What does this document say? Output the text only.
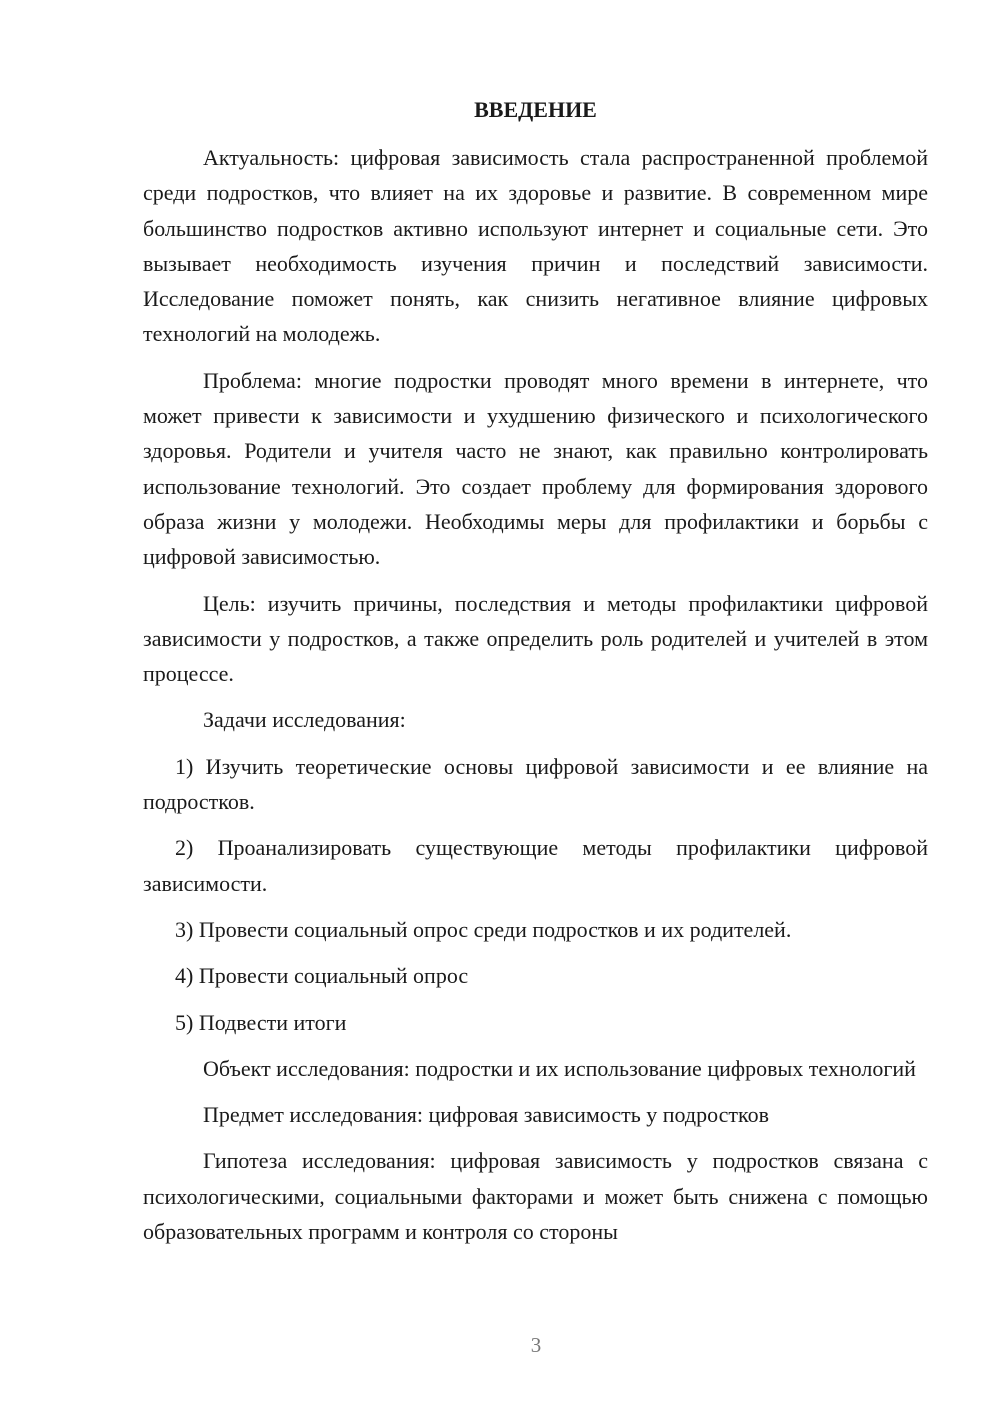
ВВЕДЕНИЕ

Актуальность: цифровая зависимость стала распространенной проблемой среди подростков, что влияет на их здоровье и развитие. В современном мире большинство подростков активно используют интернет и социальные сети. Это вызывает необходимость изучения причин и последствий зависимости. Исследование поможет понять, как снизить негативное влияние цифровых технологий на молодежь.

Проблема: многие подростки проводят много времени в интернете, что может привести к зависимости и ухудшению физического и психологического здоровья. Родители и учителя часто не знают, как правильно контролировать использование технологий. Это создает проблему для формирования здорового образа жизни у молодежи. Необходимы меры для профилактики и борьбы с цифровой зависимостью.

Цель: изучить причины, последствия и методы профилактики цифровой зависимости у подростков, а также определить роль родителей и учителей в этом процессе.

Задачи исследования:

1) Изучить теоретические основы цифровой зависимости и ее влияние на подростков.

2) Проанализировать существующие методы профилактики цифровой зависимости.

3) Провести социальный опрос среди подростков и их родителей.

4) Провести социальный опрос

5) Подвести итоги

Объект исследования: подростки и их использование цифровых технологий

Предмет исследования: цифровая зависимость у подростков

Гипотеза исследования: цифровая зависимость у подростков связана с психологическими, социальными факторами и может быть снижена с помощью образовательных программ и контроля со стороны

3
